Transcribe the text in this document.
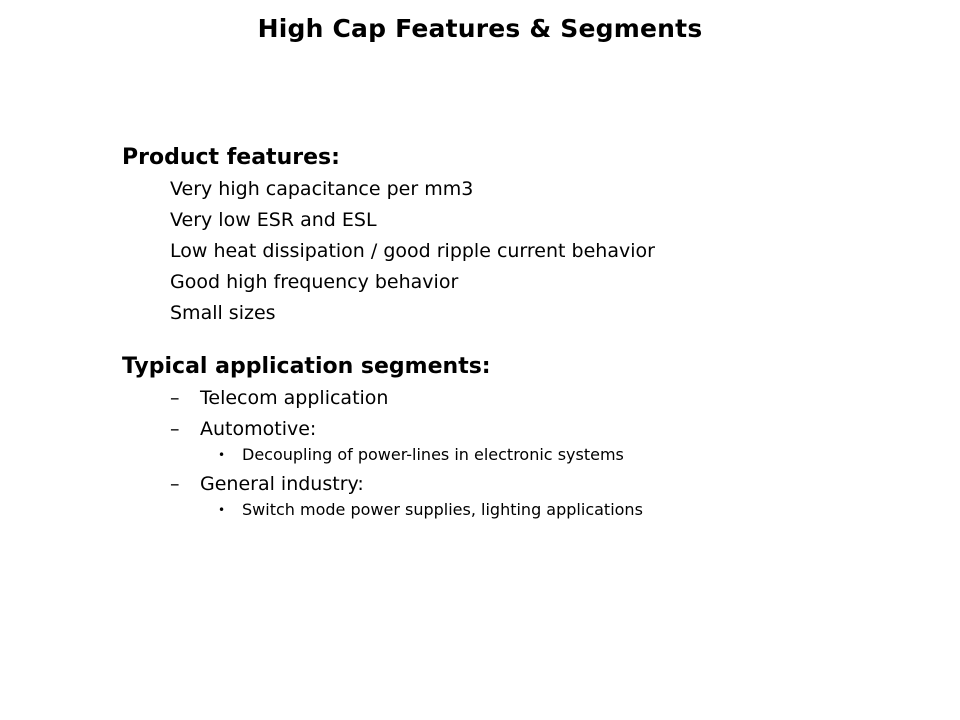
High Cap Features & Segments
Product features:
Very high capacitance per mm3
Very low ESR and ESL
Low heat dissipation / good ripple current behavior
Good high frequency behavior
Small sizes
Typical application segments:
–	Telecom application
–	Automotive:
•	Decoupling of power-lines in electronic systems
–	General industry:
•	Switch mode power supplies, lighting applications
